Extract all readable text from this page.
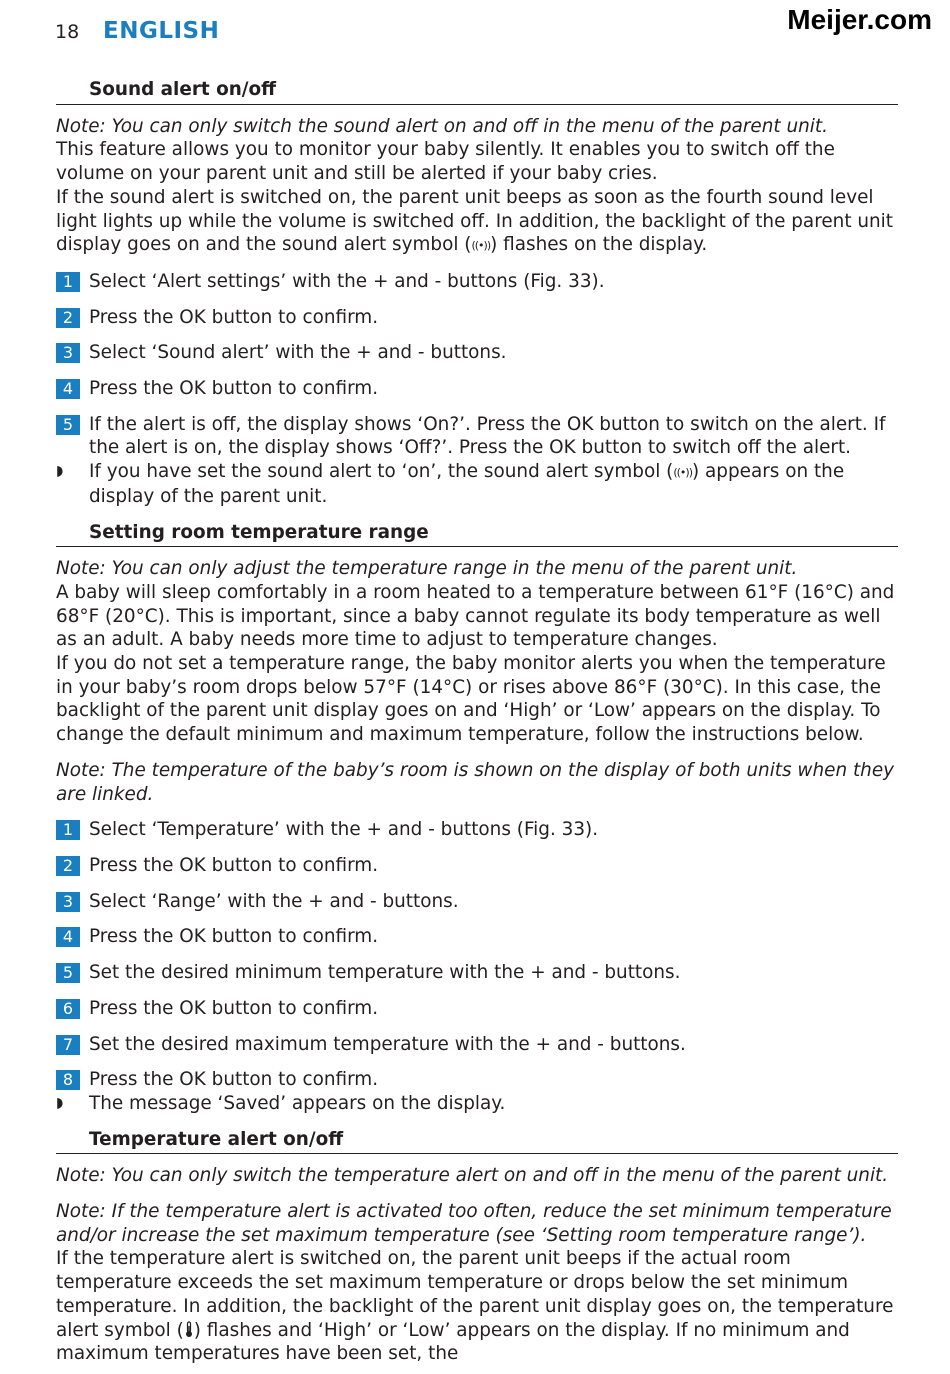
18 ENGLISH	Meijer.com
Sound alert on/off

Note: You can only switch the sound alert on and off in the menu of the parent unit.

This feature allows you to monitor your baby silently. It enables you to switch off the volume on your parent unit and still be alerted if your baby cries.

If the sound alert is switched on, the parent unit beeps as soon as the fourth sound level light lights up while the volume is switched off. In addition, the backlight of the parent unit display goes on and the sound alert symbol (((•))) flashes on the display.

1 Select ‘Alert settings’ with the + and - buttons (Fig. 33).
2 Press the OK button to confirm.
3 Select ‘Sound alert’ with the + and - buttons.
4 Press the OK button to confirm.
5 If the alert is off, the display shows ‘On?’. Press the OK button to switch on the alert. If the alert is on, the display shows ‘Off?’. Press the OK button to switch off the alert.
◗	If you have set the sound alert to ‘on’, the sound alert symbol (((•))) appears on the display of the parent unit.
Setting room temperature range

Note: You can only adjust the temperature range in the menu of the parent unit.

A baby will sleep comfortably in a room heated to a temperature between 61°F (16°C) and 68°F (20°C). This is important, since a baby cannot regulate its body temperature as well as an adult. A baby needs more time to adjust to temperature changes.

If you do not set a temperature range, the baby monitor alerts you when the temperature in your baby’s room drops below 57°F (14°C) or rises above 86°F (30°C). In this case, the backlight of the parent unit display goes on and ‘High’ or ‘Low’ appears on the display. To change the default minimum and maximum temperature, follow the instructions below.

Note: The temperature of the baby’s room is shown on the display of both units when they are linked.

1 Select ‘Temperature’ with the + and - buttons (Fig. 33).
2 Press the OK button to confirm.
3 Select ‘Range’ with the + and - buttons.
4 Press the OK button to confirm.
5 Set the desired minimum temperature with the + and - buttons.
6 Press the OK button to confirm.
7 Set the desired maximum temperature with the + and - buttons.
8 Press the OK button to confirm.
◗	The message ‘Saved’ appears on the display.
Temperature alert on/off

Note: You can only switch the temperature alert on and off in the menu of the parent unit.

Note: If the temperature alert is activated too often, reduce the set minimum temperature and/or increase the set maximum temperature (see ‘Setting room temperature range’).

If the temperature alert is switched on, the parent unit beeps if the actual room temperature exceeds the set maximum temperature or drops below the set minimum temperature. In addition, the backlight of the parent unit display goes on, the temperature alert symbol ( ) flashes and ‘High’ or ‘Low’ appears on the display. If no minimum and maximum temperatures have been set, the
